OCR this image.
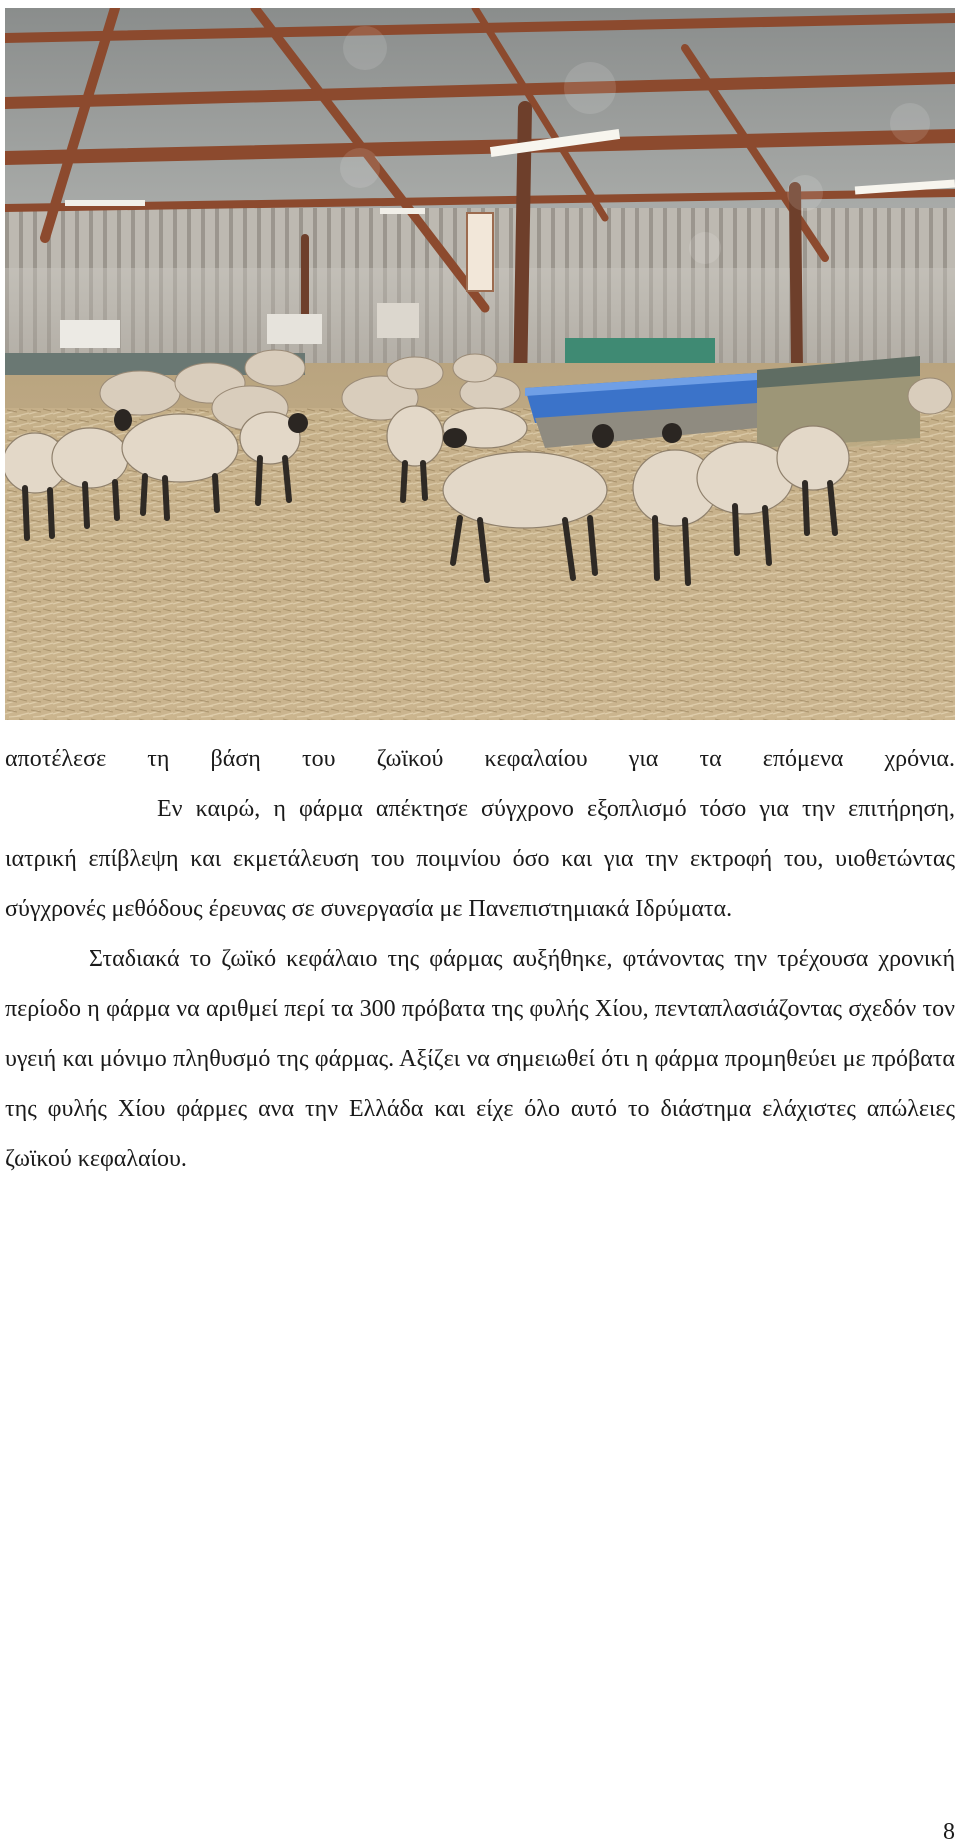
αποτέλεσε τη βάση του ζωϊκού κεφαλαίου για τα επόμενα χρόνια.

Εν καιρώ, η φάρμα απέκτησε σύγχρονο εξοπλισμό τόσο για την επιτήρηση, ιατρική επίβλεψη και εκμετάλευση του ποιμνίου όσο και για την εκτροφή του, υιοθετώντας σύγχρονές μεθόδους έρευνας σε συνεργασία με Πανεπιστημιακά Ιδρύματα.

Σταδιακά το ζωϊκό κεφάλαιο της φάρμας αυξήθηκε, φτάνοντας την τρέχουσα χρονική περίοδο η φάρμα να αριθμεί περί τα 300 πρόβατα της φυλής Χίου, πενταπλασιάζοντας σχεδόν τον υγειή και μόνιμο πληθυσμό της φάρμας. Αξίζει να σημειωθεί ότι η φάρμα προμηθεύει με πρόβατα της φυλής Χίου φάρμες ανα την Ελλάδα και είχε όλο αυτό το διάστημα ελάχιστες απώλειες ζωϊκού κεφαλαίου.

8
